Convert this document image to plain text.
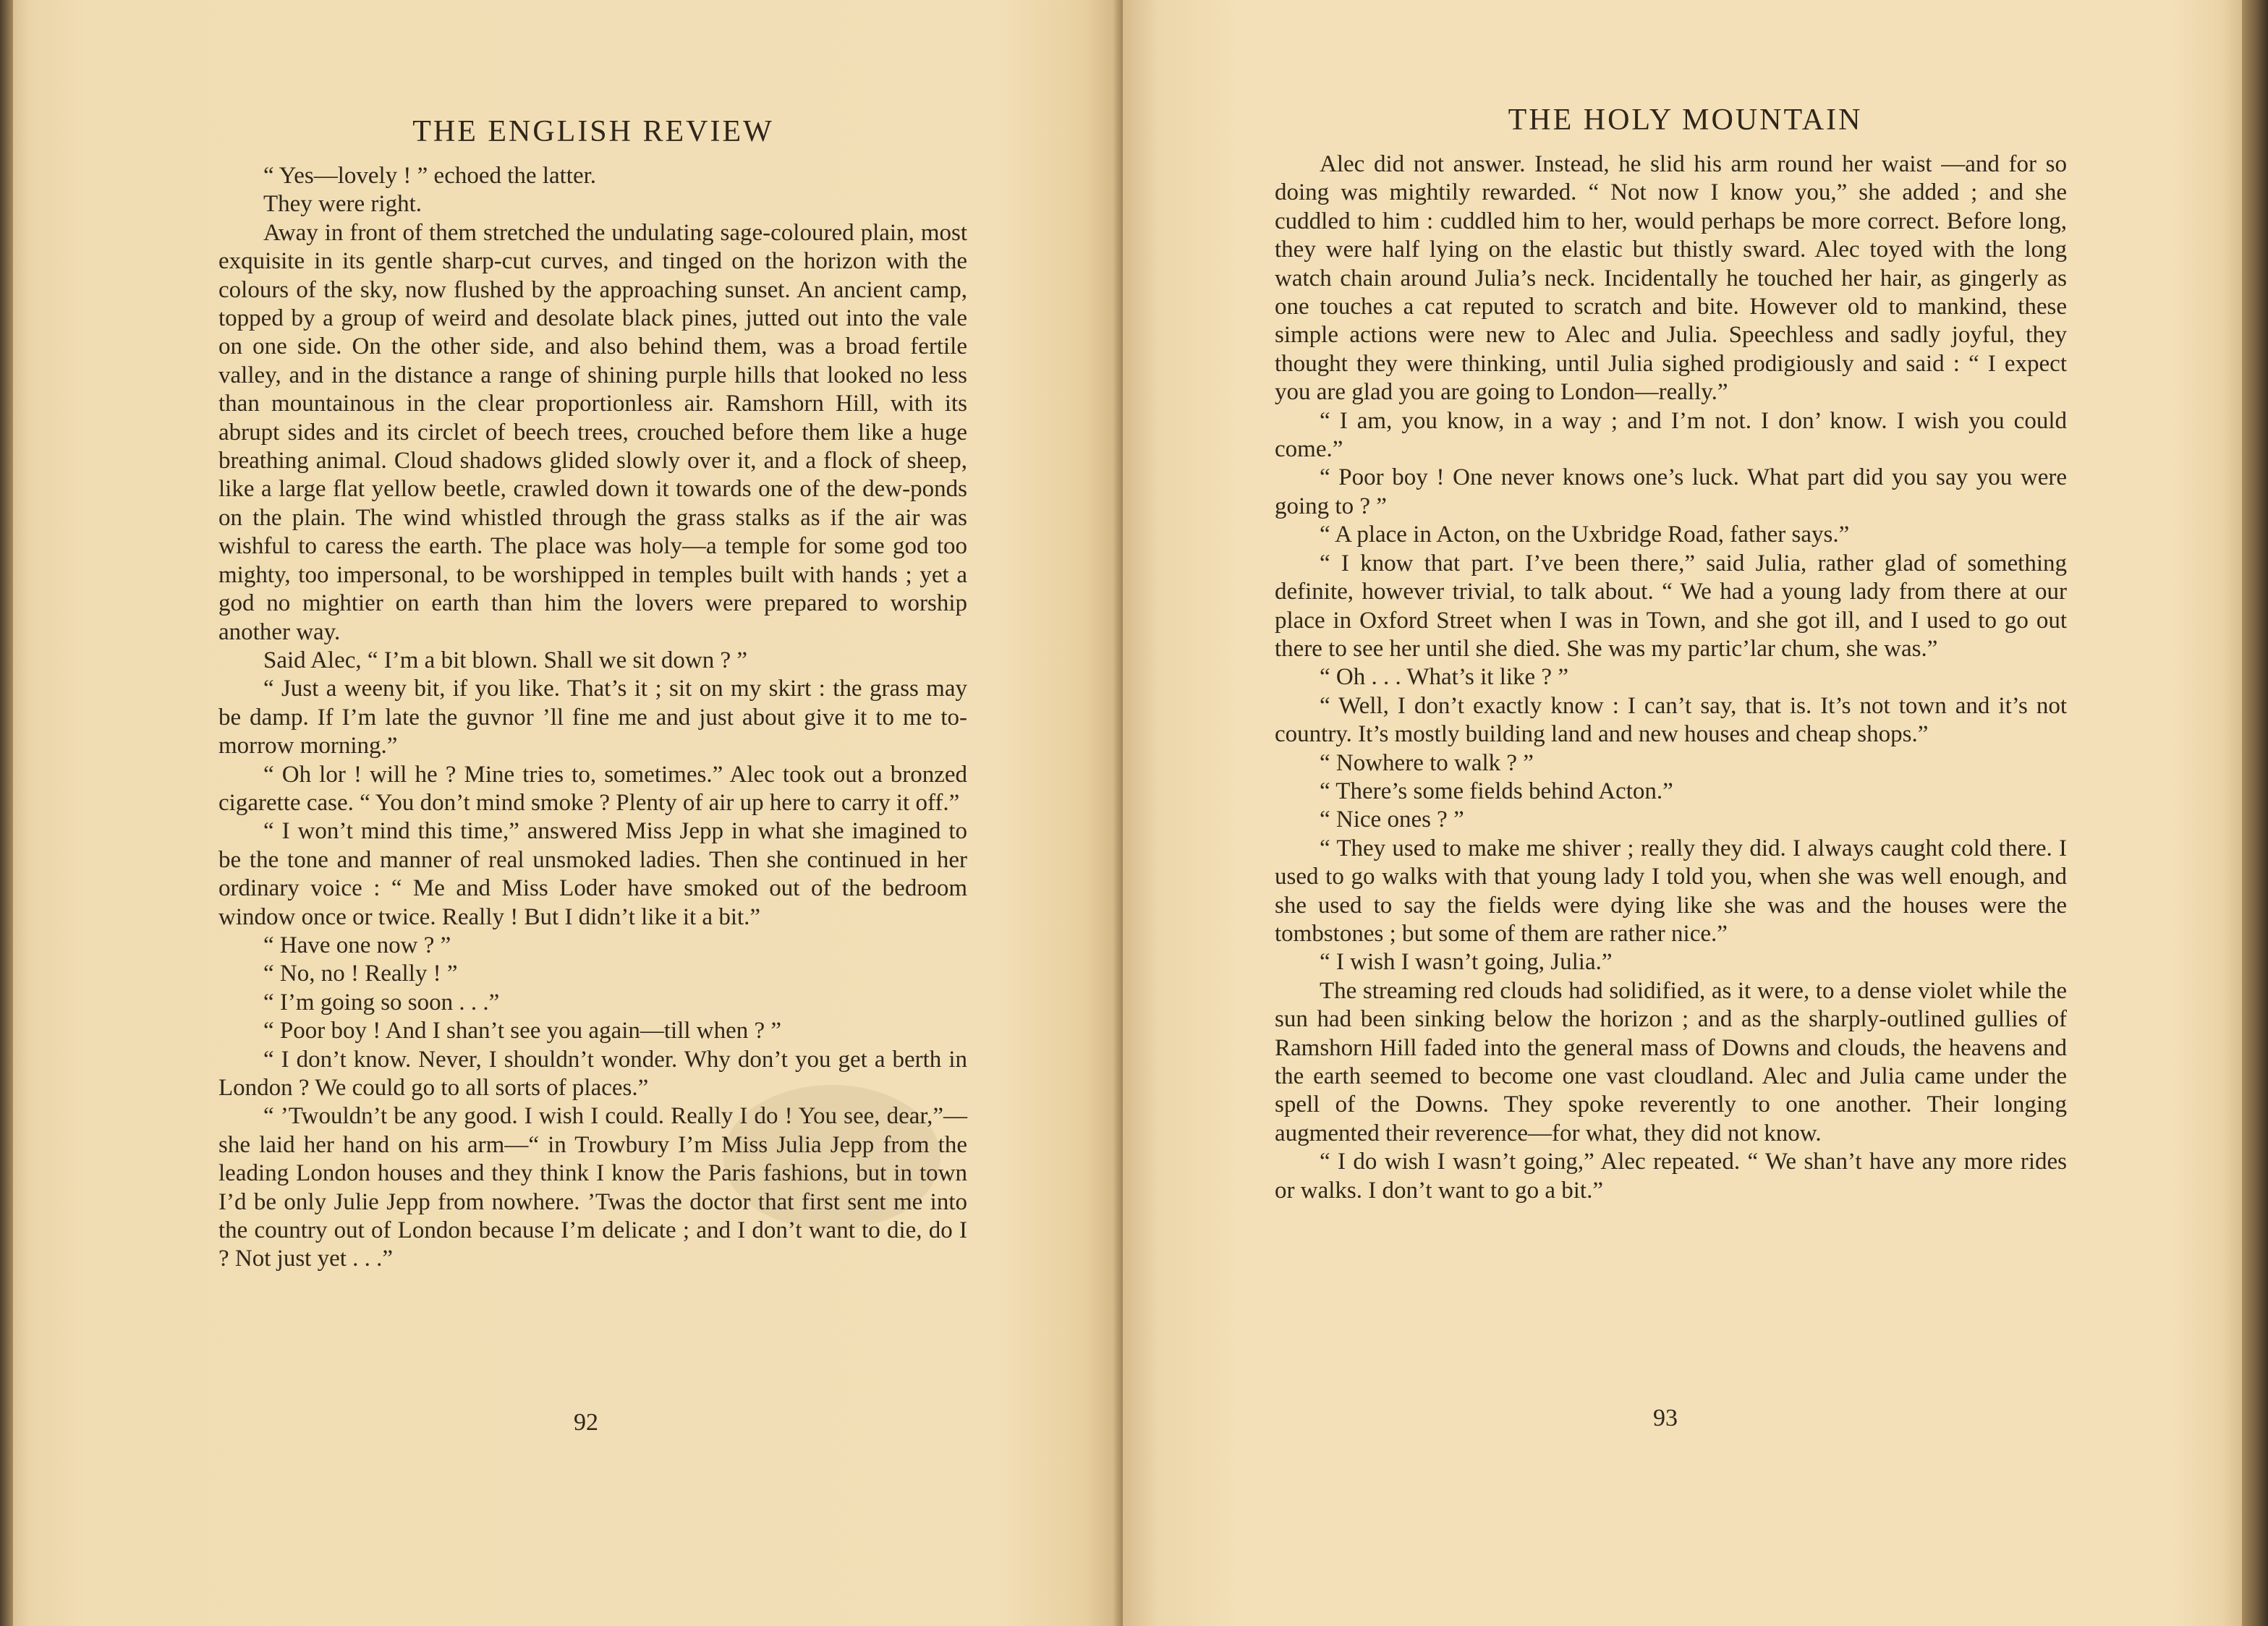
THE ENGLISH REVIEW

“ Yes—lovely ! ” echoed the latter.

They were right.

Away in front of them stretched the undulating sage-coloured plain, most exquisite in its gentle sharp-cut curves, and tinged on the horizon with the colours of the sky, now flushed by the approaching sunset. An ancient camp, topped by a group of weird and desolate black pines, jutted out into the vale on one side. On the other side, and also behind them, was a broad fertile valley, and in the distance a range of shining purple hills that looked no less than mountainous in the clear proportionless air. Ramshorn Hill, with its abrupt sides and its circlet of beech trees, crouched before them like a huge breathing animal. Cloud shadows glided slowly over it, and a flock of sheep, like a large flat yellow beetle, crawled down it towards one of the dew-ponds on the plain. The wind whistled through the grass stalks as if the air was wishful to caress the earth. The place was holy—a temple for some god too mighty, too impersonal, to be worshipped in temples built with hands ; yet a god no mightier on earth than him the lovers were prepared to worship another way.

Said Alec, “ I’m a bit blown. Shall we sit down ? ”

“ Just a weeny bit, if you like. That’s it ; sit on my skirt : the grass may be damp. If I’m late the guvnor ’ll fine me and just about give it to me to-morrow morning.”

“ Oh lor ! will he ? Mine tries to, sometimes.” Alec took out a bronzed cigarette case. “ You don’t mind smoke ? Plenty of air up here to carry it off.”

“ I won’t mind this time,” answered Miss Jepp in what she imagined to be the tone and manner of real unsmoked ladies. Then she continued in her ordinary voice : “ Me and Miss Loder have smoked out of the bedroom window once or twice. Really ! But I didn’t like it a bit.”

“ Have one now ? ”

“ No, no ! Really ! ”

“ I’m going so soon . . .”

“ Poor boy ! And I shan’t see you again—till when ? ”

“ I don’t know. Never, I shouldn’t wonder. Why don’t you get a berth in London ? We could go to all sorts of places.”

“ ’Twouldn’t be any good. I wish I could. Really I do ! You see, dear,”—she laid her hand on his arm—“ in Trowbury I’m Miss Julia Jepp from the leading London houses and they think I know the Paris fashions, but in town I’d be only Julie Jepp from nowhere. ’Twas the doctor that first sent me into the country out of London because I’m delicate ; and I don’t want to die, do I ? Not just yet . . .”

92
THE HOLY MOUNTAIN

Alec did not answer. Instead, he slid his arm round her waist —and for so doing was mightily rewarded. “ Not now I know you,” she added ; and she cuddled to him : cuddled him to her, would perhaps be more correct. Before long, they were half lying on the elastic but thistly sward. Alec toyed with the long watch chain around Julia’s neck. Incidentally he touched her hair, as gingerly as one touches a cat reputed to scratch and bite. However old to mankind, these simple actions were new to Alec and Julia. Speechless and sadly joyful, they thought they were thinking, until Julia sighed prodigiously and said : “ I expect you are glad you are going to London—really.”

“ I am, you know, in a way ; and I’m not. I don’ know. I wish you could come.”

“ Poor boy ! One never knows one’s luck. What part did you say you were going to ? ”

“ A place in Acton, on the Uxbridge Road, father says.”

“ I know that part. I’ve been there,” said Julia, rather glad of something definite, however trivial, to talk about. “ We had a young lady from there at our place in Oxford Street when I was in Town, and she got ill, and I used to go out there to see her until she died. She was my partic’lar chum, she was.”

“ Oh . . . What’s it like ? ”

“ Well, I don’t exactly know : I can’t say, that is. It’s not town and it’s not country. It’s mostly building land and new houses and cheap shops.”

“ Nowhere to walk ? ”

“ There’s some fields behind Acton.”

“ Nice ones ? ”

“ They used to make me shiver ; really they did. I always caught cold there. I used to go walks with that young lady I told you, when she was well enough, and she used to say the fields were dying like she was and the houses were the tombstones ; but some of them are rather nice.”

“ I wish I wasn’t going, Julia.”

The streaming red clouds had solidified, as it were, to a dense violet while the sun had been sinking below the horizon ; and as the sharply-outlined gullies of Ramshorn Hill faded into the general mass of Downs and clouds, the heavens and the earth seemed to become one vast cloudland. Alec and Julia came under the spell of the Downs. They spoke reverently to one another. Their longing augmented their reverence—for what, they did not know.

“ I do wish I wasn’t going,” Alec repeated. “ We shan’t have any more rides or walks. I don’t want to go a bit.”

93
